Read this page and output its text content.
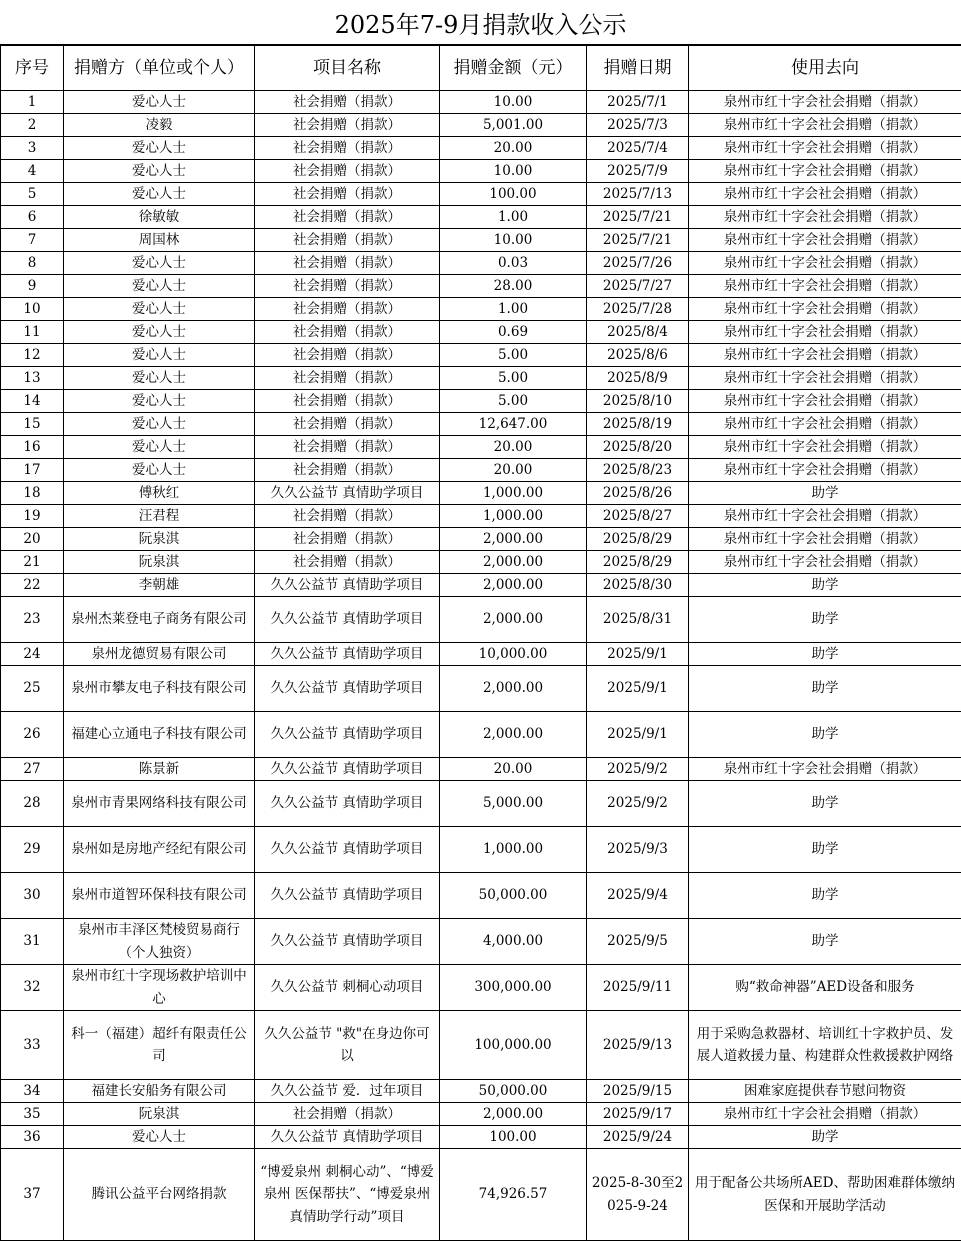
2025年7-9月捐款收入公示
序号	捐赠方（单位或个人）	项目名称	捐赠金额（元）	捐赠日期	使用去向
1	爱心人士	社会捐赠（捐款）	10.00	2025/7/1	泉州市红十字会社会捐赠（捐款）
2	凌毅	社会捐赠（捐款）	5,001.00	2025/7/3	泉州市红十字会社会捐赠（捐款）
3	爱心人士	社会捐赠（捐款）	20.00	2025/7/4	泉州市红十字会社会捐赠（捐款）
4	爱心人士	社会捐赠（捐款）	10.00	2025/7/9	泉州市红十字会社会捐赠（捐款）
5	爱心人士	社会捐赠（捐款）	100.00	2025/7/13	泉州市红十字会社会捐赠（捐款）
6	徐敏敏	社会捐赠（捐款）	1.00	2025/7/21	泉州市红十字会社会捐赠（捐款）
7	周国林	社会捐赠（捐款）	10.00	2025/7/21	泉州市红十字会社会捐赠（捐款）
8	爱心人士	社会捐赠（捐款）	0.03	2025/7/26	泉州市红十字会社会捐赠（捐款）
9	爱心人士	社会捐赠（捐款）	28.00	2025/7/27	泉州市红十字会社会捐赠（捐款）
10	爱心人士	社会捐赠（捐款）	1.00	2025/7/28	泉州市红十字会社会捐赠（捐款）
11	爱心人士	社会捐赠（捐款）	0.69	2025/8/4	泉州市红十字会社会捐赠（捐款）
12	爱心人士	社会捐赠（捐款）	5.00	2025/8/6	泉州市红十字会社会捐赠（捐款）
13	爱心人士	社会捐赠（捐款）	5.00	2025/8/9	泉州市红十字会社会捐赠（捐款）
14	爱心人士	社会捐赠（捐款）	5.00	2025/8/10	泉州市红十字会社会捐赠（捐款）
15	爱心人士	社会捐赠（捐款）	12,647.00	2025/8/19	泉州市红十字会社会捐赠（捐款）
16	爱心人士	社会捐赠（捐款）	20.00	2025/8/20	泉州市红十字会社会捐赠（捐款）
17	爱心人士	社会捐赠（捐款）	20.00	2025/8/23	泉州市红十字会社会捐赠（捐款）
18	傅秋红	久久公益节 真情助学项目	1,000.00	2025/8/26	助学
19	汪君程	社会捐赠（捐款）	1,000.00	2025/8/27	泉州市红十字会社会捐赠（捐款）
20	阮泉淇	社会捐赠（捐款）	2,000.00	2025/8/29	泉州市红十字会社会捐赠（捐款）
21	阮泉淇	社会捐赠（捐款）	2,000.00	2025/8/29	泉州市红十字会社会捐赠（捐款）
22	李朝雄	久久公益节 真情助学项目	2,000.00	2025/8/30	助学
23	泉州杰莱登电子商务有限公司	久久公益节 真情助学项目	2,000.00	2025/8/31	助学
24	泉州龙德贸易有限公司	久久公益节 真情助学项目	10,000.00	2025/9/1	助学
25	泉州市攀友电子科技有限公司	久久公益节 真情助学项目	2,000.00	2025/9/1	助学
26	福建心立通电子科技有限公司	久久公益节 真情助学项目	2,000.00	2025/9/1	助学
27	陈景新	久久公益节 真情助学项目	20.00	2025/9/2	泉州市红十字会社会捐赠（捐款）
28	泉州市青果网络科技有限公司	久久公益节 真情助学项目	5,000.00	2025/9/2	助学
29	泉州如是房地产经纪有限公司	久久公益节 真情助学项目	1,000.00	2025/9/3	助学
30	泉州市道智环保科技有限公司	久久公益节 真情助学项目	50,000.00	2025/9/4	助学
31	泉州市丰泽区梵棱贸易商行（个人独资）	久久公益节 真情助学项目	4,000.00	2025/9/5	助学
32	泉州市红十字现场救护培训中心	久久公益节 刺桐心动项目	300,000.00	2025/9/11	购“救命神器”AED设备和服务
33	科一（福建）超纤有限责任公司	久久公益节 "救"在身边你可以	100,000.00	2025/9/13	用于采购急救器材、培训红十字救护员、发展人道救援力量、构建群众性救援救护网络
34	福建长安船务有限公司	久久公益节 爱．过年项目	50,000.00	2025/9/15	困难家庭提供春节慰问物资
35	阮泉淇	社会捐赠（捐款）	2,000.00	2025/9/17	泉州市红十字会社会捐赠（捐款）
36	爱心人士	久久公益节 真情助学项目	100.00	2025/9/24	助学
37	腾讯公益平台网络捐款	“博爱泉州 刺桐心动”、“博爱泉州 医保帮扶”、“博爱泉州 真情助学行动”项目	74,926.57	2025-8-30至2025-9-24	用于配备公共场所AED、帮助困难群体缴纳医保和开展助学活动
